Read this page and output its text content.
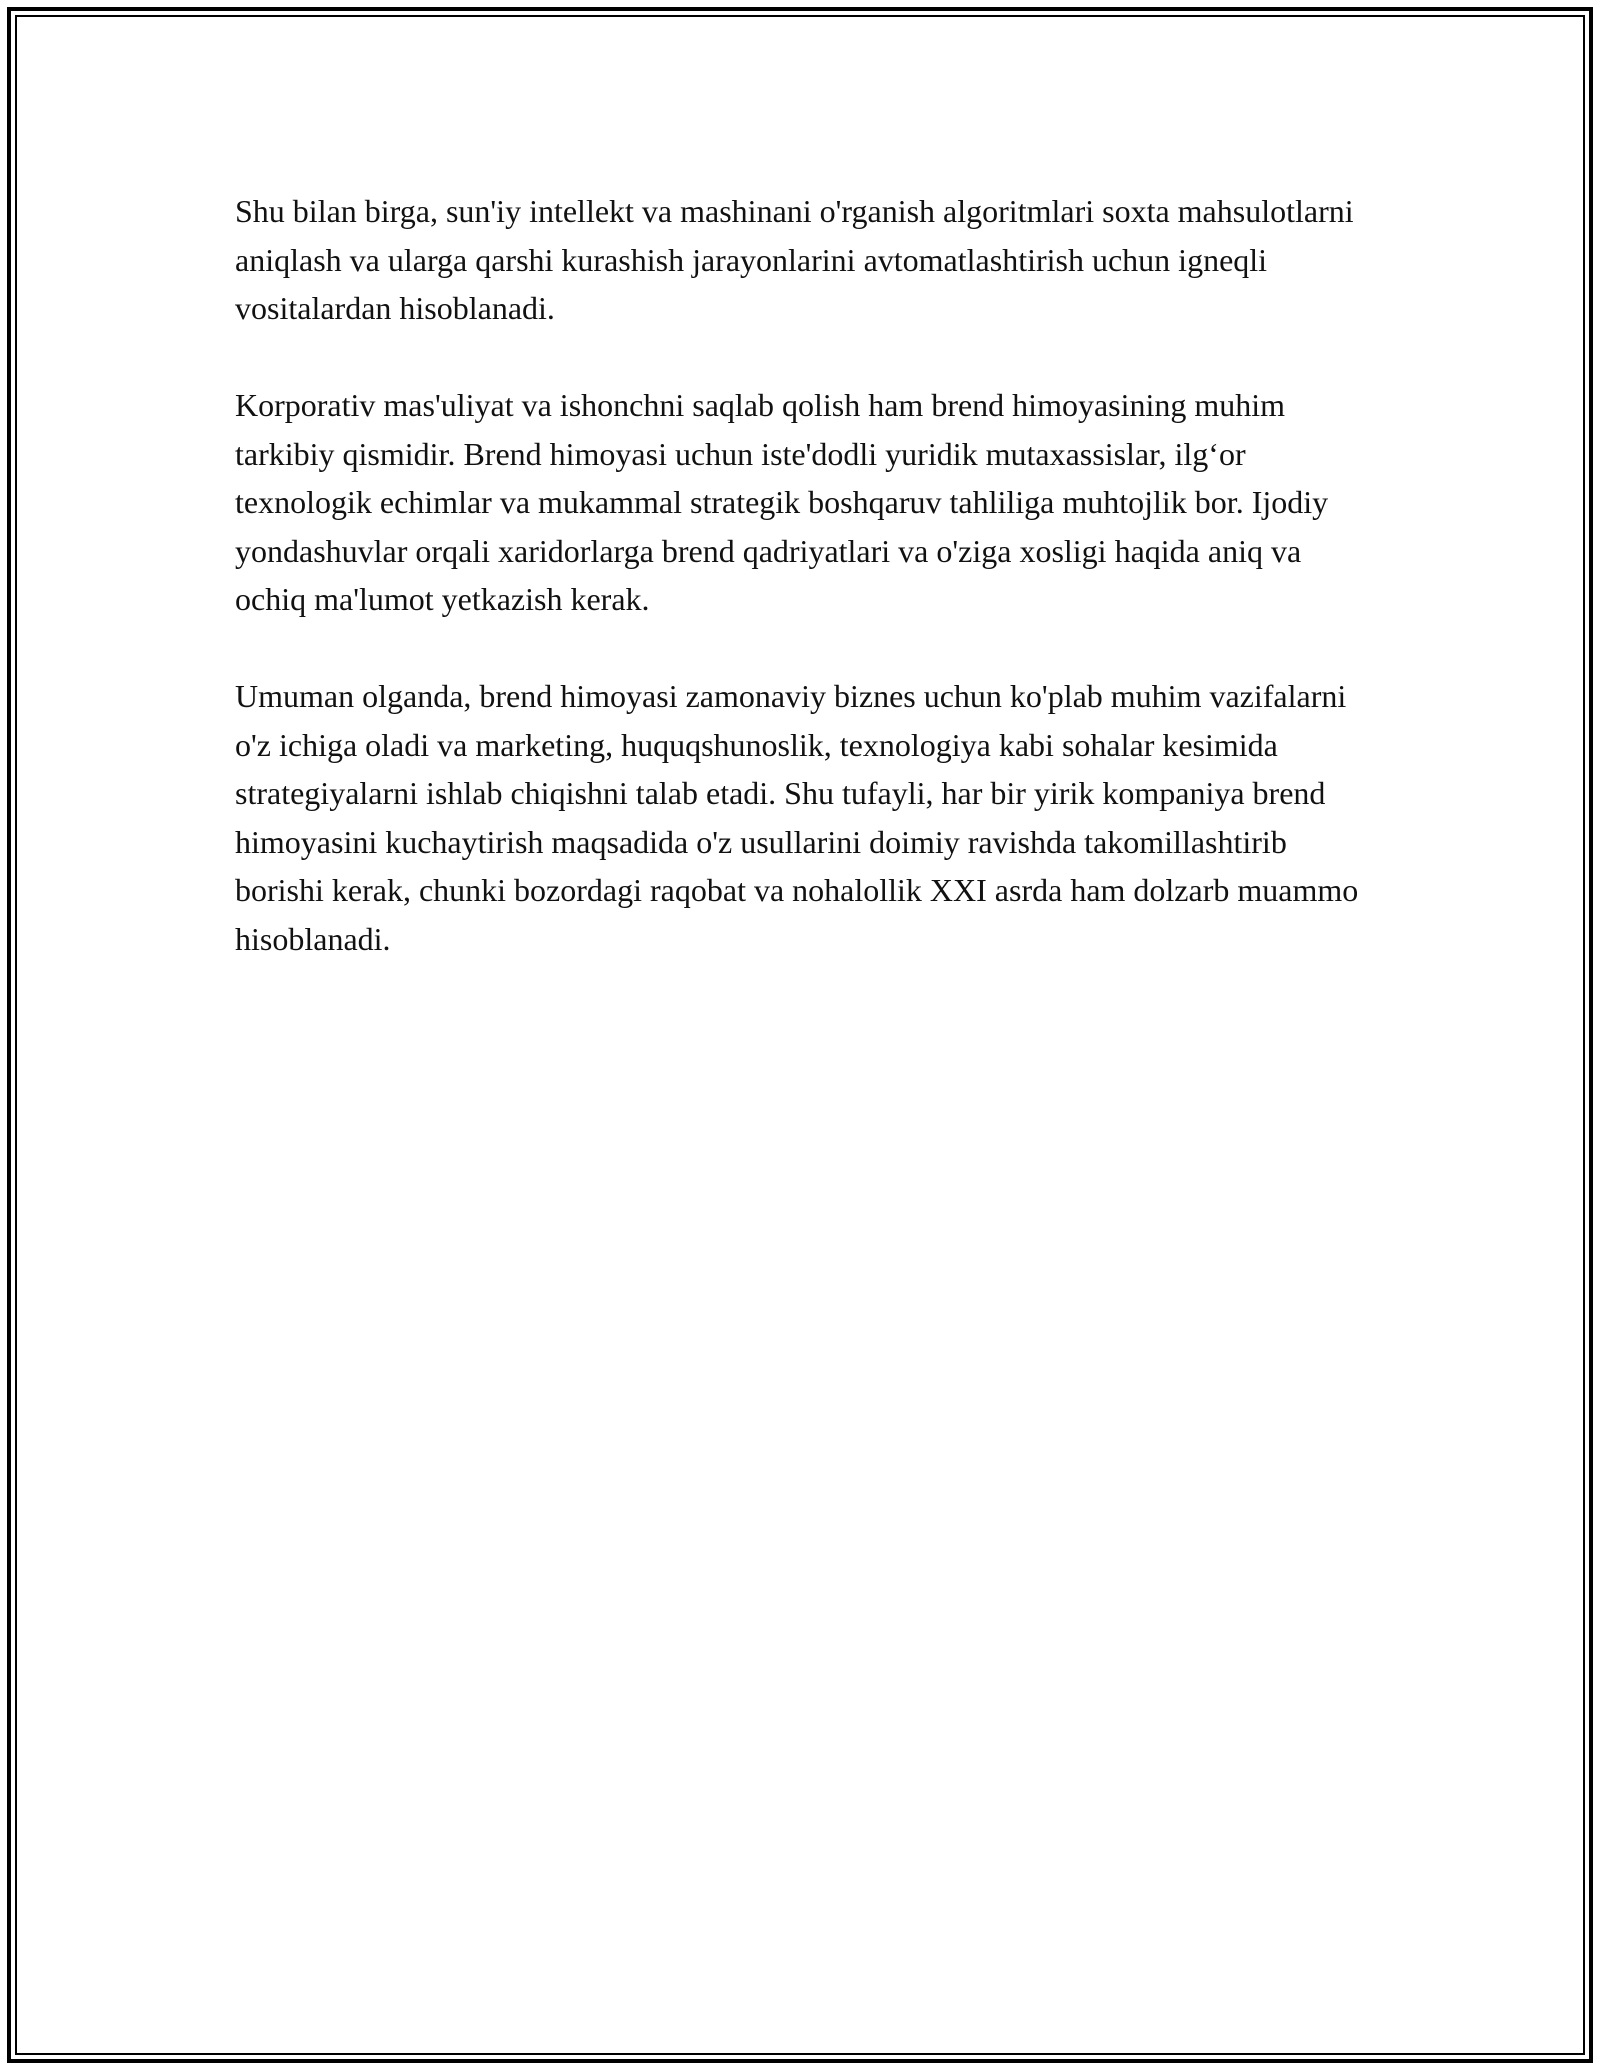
Shu bilan birga, sun'iy intellekt va mashinani o'rganish algoritmlari soxta mahsulotlarni aniqlash va ularga qarshi kurashish jarayonlarini avtomatlashtirish uchun igneqli vositalardan hisoblanadi.

Korporativ mas'uliyat va ishonchni saqlab qolish ham brend himoyasining muhim tarkibiy qismidir. Brend himoyasi uchun iste'dodli yuridik mutaxassislar, ilg‘or texnologik echimlar va mukammal strategik boshqaruv tahliliga muhtojlik bor. Ijodiy yondashuvlar orqali xaridorlarga brend qadriyatlari va o'ziga xosligi haqida aniq va ochiq ma'lumot yetkazish kerak.

Umuman olganda, brend himoyasi zamonaviy biznes uchun ko'plab muhim vazifalarni o'z ichiga oladi va marketing, huquqshunoslik, texnologiya kabi sohalar kesimida strategiyalarni ishlab chiqishni talab etadi. Shu tufayli, har bir yirik kompaniya brend himoyasini kuchaytirish maqsadida o'z usullarini doimiy ravishda takomillashtirib borishi kerak, chunki bozordagi raqobat va nohalollik XXI asrda ham dolzarb muammo hisoblanadi.
